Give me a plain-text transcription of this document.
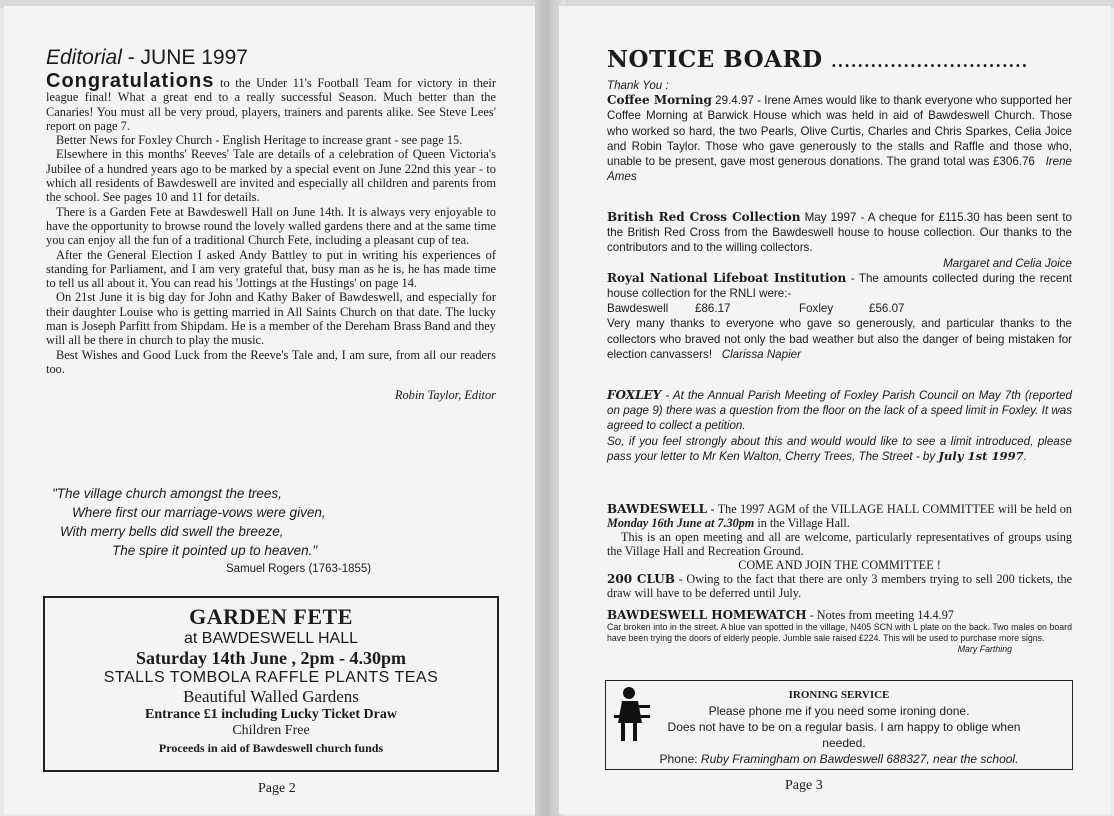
Editorial - JUNE 1997

Congratulations to the Under 11's Football Team for victory in their league final! What a great end to a really successful Season. Much better than the Canaries! You must all be very proud, players, trainers and parents alike. See Steve Lees' report on page 7.

Better News for Foxley Church - English Heritage to increase grant - see page 15.

Elsewhere in this months' Reeves' Tale are details of a celebration of Queen Victoria's Jubilee of a hundred years ago to be marked by a special event on June 22nd this year - to which all residents of Bawdeswell are invited and especially all children and parents from the school. See pages 10 and 11 for details.

There is a Garden Fete at Bawdeswell Hall on June 14th. It is always very enjoyable to have the opportunity to browse round the lovely walled gardens there and at the same time you can enjoy all the fun of a traditional Church Fete, including a pleasant cup of tea.

After the General Election I asked Andy Battley to put in writing his experiences of standing for Parliament, and I am very grateful that, busy man as he is, he has made time to tell us all about it. You can read his 'Jottings at the Hustings' on page 14.

On 21st June it is big day for John and Kathy Baker of Bawdeswell, and especially for their daughter Louise who is getting married in All Saints Church on that date. The lucky man is Joseph Parfitt from Shipdam. He is a member of the Dereham Brass Band and they will all be there in church to play the music.

Best Wishes and Good Luck from the Reeve's Tale and, I am sure, from all our readers too.

Robin Taylor, Editor
"The village church amongst the trees,
Where first our marriage-vows were given,
With merry bells did swell the breeze,
The spire it pointed up to heaven."
Samuel Rogers (1763-1855)
GARDEN FETE
at BAWDESWELL HALL
Saturday 14th June , 2pm - 4.30pm
STALLS TOMBOLA RAFFLE PLANTS TEAS
Beautiful Walled Gardens
Entrance £1 including Lucky Ticket Draw
Children Free
Proceeds in aid of Bawdeswell church funds
Page 2
NOTICE BOARD ..............................

Thank You :

Coffee Morning 29.4.97 - Irene Ames would like to thank everyone who supported her Coffee Morning at Barwick House which was held in aid of Bawdeswell Church. Those who worked so hard, the two Pearls, Olive Curtis, Charles and Chris Sparkes, Celia Joice and Robin Taylor. Those who gave generously to the stalls and Raffle and those who, unable to be present, gave most generous donations. The grand total was £306.76 Irene Ames

British Red Cross Collection May 1997 - A cheque for £115.30 has been sent to the British Red Cross from the Bawdeswell house to house collection. Our thanks to the contributors and to the willing collectors.

Margaret and Celia Joice

Royal National Lifeboat Institution - The amounts collected during the recent house collection for the RNLI were:-

Bawdeswell £86.17	Foxley	£56.07

Very many thanks to everyone who gave so generously, and particular thanks to the collectors who braved not only the bad weather but also the danger of being mistaken for election canvassers! Clarissa Napier

FOXLEY - At the Annual Parish Meeting of Foxley Parish Council on May 7th (reported on page 9) there was a question from the floor on the lack of a speed limit in Foxley. It was agreed to collect a petition.

So, if you feel strongly about this and would would like to see a limit introduced, please pass your letter to Mr Ken Walton, Cherry Trees, The Street - by July 1st 1997.

BAWDESWELL - The 1997 AGM of the VILLAGE HALL COMMITTEE will be held on Monday 16th June at 7.30pm in the Village Hall.

This is an open meeting and all are welcome, particularly representatives of groups using the Village Hall and Recreation Ground.

COME AND JOIN THE COMMITTEE !

200 CLUB - Owing to the fact that there are only 3 members trying to sell 200 tickets, the draw will have to be deferred until July.

BAWDESWELL HOMEWATCH - Notes from meeting 14.4.97

Car broken into in the street. A blue van spotted in the village, N405 SCN with L plate on the back. Two males on board have been trying the doors of elderly people. Jumble sale raised £224. This will be used to purchase more signs.

Mary Farthing

IRONING SERVICE
Please phone me if you need some ironing done.
Does not have to be on a regular basis. I am happy to oblige when needed.
Phone: Ruby Framingham on Bawdeswell 688327, near the school.
Page 3
